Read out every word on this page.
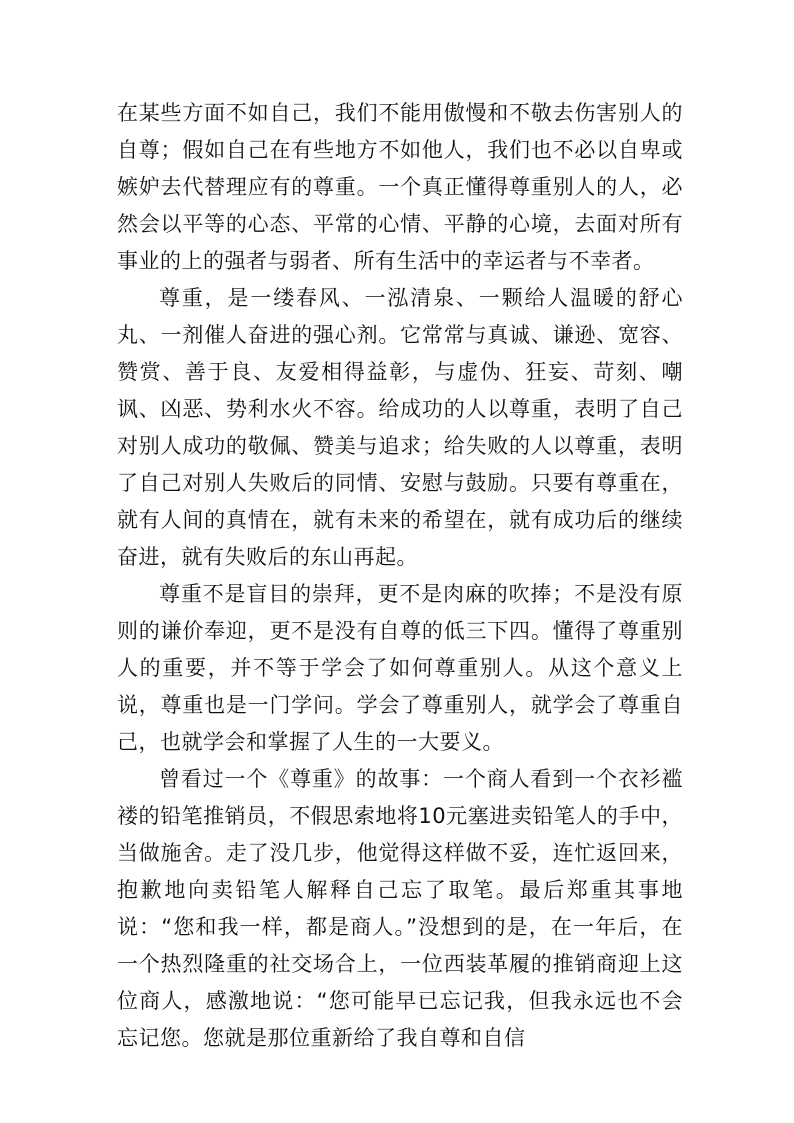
在某些方面不如自己，我们不能用傲慢和不敬去伤害别人的自尊；假如自己在有些地方不如他人，我们也不必以自卑或嫉妒去代替理应有的尊重。一个真正懂得尊重别人的人，必然会以平等的心态、平常的心情、平静的心境，去面对所有事业的上的强者与弱者、所有生活中的幸运者与不幸者。

尊重，是一缕春风、一泓清泉、一颗给人温暖的舒心丸、一剂催人奋进的强心剂。它常常与真诚、谦逊、宽容、赞赏、善于良、友爱相得益彰，与虚伪、狂妄、苛刻、嘲讽、凶恶、势利水火不容。给成功的人以尊重，表明了自己对别人成功的敬佩、赞美与追求；给失败的人以尊重，表明了自己对别人失败后的同情、安慰与鼓励。只要有尊重在，就有人间的真情在，就有未来的希望在，就有成功后的继续奋进，就有失败后的东山再起。

尊重不是盲目的崇拜，更不是肉麻的吹捧；不是没有原则的谦价奉迎，更不是没有自尊的低三下四。懂得了尊重别人的重要，并不等于学会了如何尊重别人。从这个意义上说，尊重也是一门学问。学会了尊重别人，就学会了尊重自己，也就学会和掌握了人生的一大要义。

曾看过一个《尊重》的故事：一个商人看到一个衣衫褴褛的铅笔推销员，不假思索地将10元塞进卖铅笔人的手中，当做施舍。走了没几步，他觉得这样做不妥，连忙返回来，抱歉地向卖铅笔人解释自己忘了取笔。最后郑重其事地说：“您和我一样，都是商人。”没想到的是，在一年后，在一个热烈隆重的社交场合上，一位西装革履的推销商迎上这位商人，感激地说：“您可能早已忘记我，但我永远也不会忘记您。您就是那位重新给了我自尊和自信
